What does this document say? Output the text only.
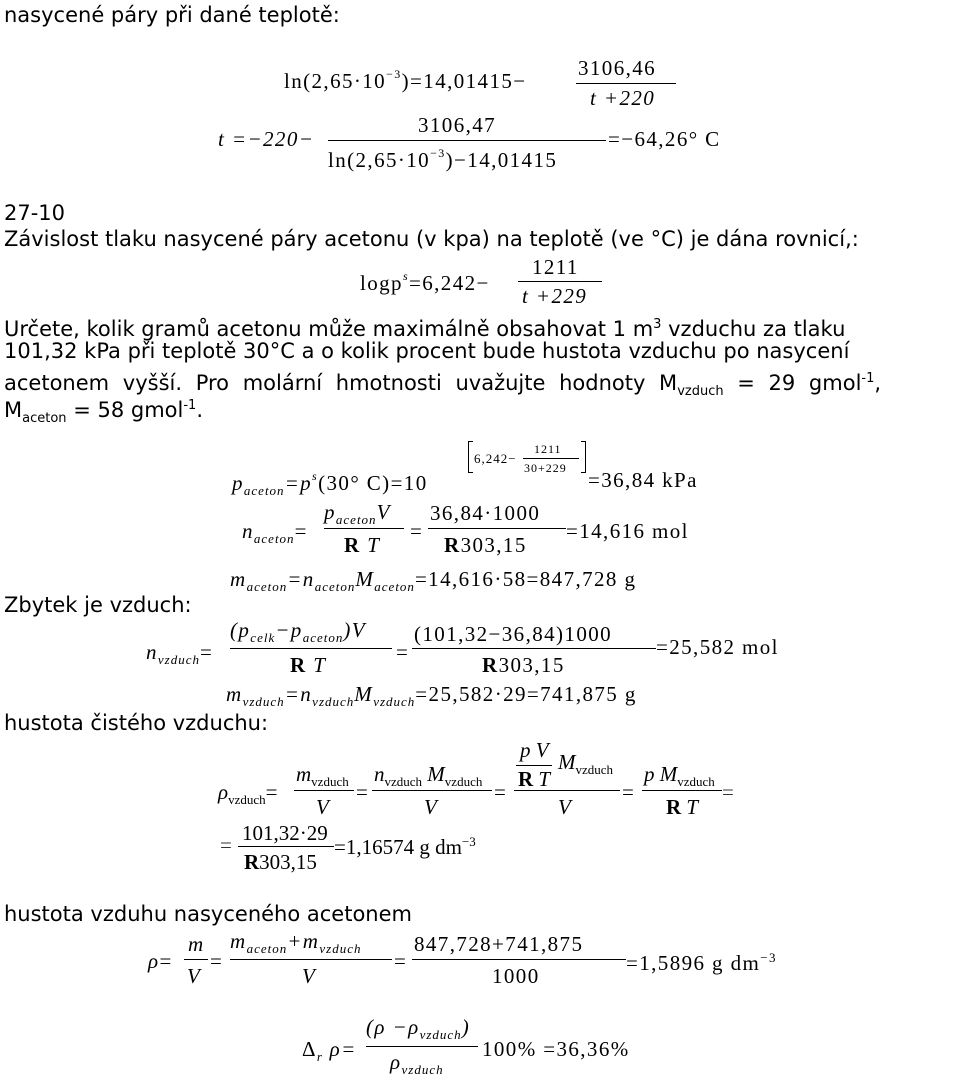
nasycené páry při dané teplotě:
$\ln(2,65\cdot 10^{-3})=14,01415-$
3106,46
t +220
t =−220−
3106,47
$\ln(2,65\cdot 10^{-3})-14,01415$
=−64,26° C
27-10
Závislost tlaku nasycené páry acetonu (v kpa) na teplotě (ve °C) je dána rovnicí,:
logp$^s$=6,242−
1211
t +229
Určete, kolik gramů acetonu může maximálně obsahovat 1 $m^3$ vzduchu za tlaku
101,32 kPa při teplotě 30°C a o kolik procent bude hustota vzduchu po nasycení
acetonem vyšší. Pro molární hmotnosti uvažujte hodnoty $M_{vzduch} = 29$ gmol$^{-1}$,
$M_{aceton} = 58$ gmol$^{-1}$.
$p_{aceton}=p^s(30^\circ$ C)=10
6,242−
1211
30+229 =36,84 kPa
$n_{aceton}=$
$p_{aceton}V$
R T
=
36,84·1000
R303,15
=14,616 mol
$m_{aceton}=n_{aceton}M_{aceton}=14,616\cdot 58=847,728$ g
Zbytek je vzduch:
$n_{vzduch}=$
$(p_{celk}-p_{aceton})V$
R T
=
(101,32−36,84)1000
R303,15
=25,582 mol
$m_{vzduch}=n_{vzduch}M_{vzduch}=25,582\cdot 29=741,875$ g
hustota čistého vzduchu:
$\rho_{vzduch}=$
$m_{vzduch}$
V
=
$n_{vzduch}$ $M_{vzduch}$
V
=
p V
R T
$M_{vzduch}$
V
=
p $M_{vzduch}$
R T
=
= 101,32·29
R303,15
=1,16574 g $dm^{-3}$
hustota vzduhu nasyceného acetonem
ρ=
m
V
=
$m_{aceton}+m_{vzduch}$
V
=
847,728+741,875
1000
=1,5896 g $dm^{-3}$
$\Delta_r$ ρ=
$(\rho -\rho_{vzduch})$
$\rho_{vzduch}$
100% =36,36%
